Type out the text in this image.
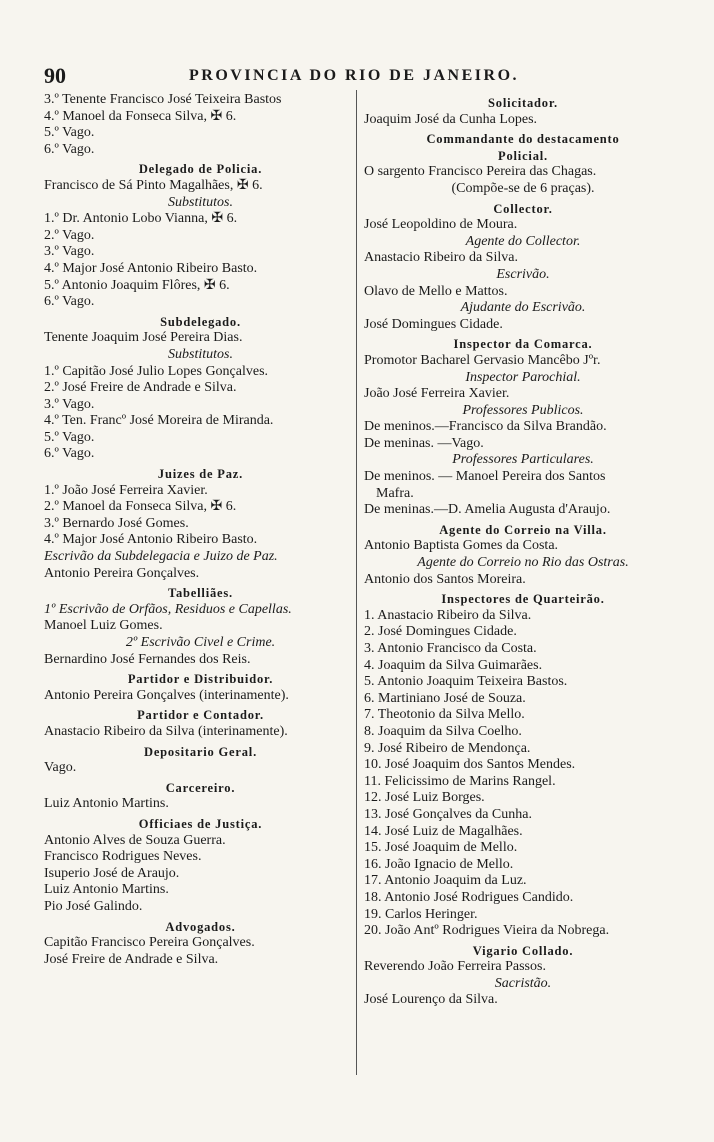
90	PROVINCIA DO RIO DE JANEIRO.
3.º Tenente Francisco José Teixeira Bastos
4.º Manoel da Fonseca Silva, ✠ 6.
5.º Vago.
6.º Vago.
Delegado de Policia.
Francisco de Sá Pinto Magalhães, ✠ 6.
Substitutos.
1.º Dr. Antonio Lobo Vianna, ✠ 6.
2.º Vago.
3.º Vago.
4.º Major José Antonio Ribeiro Basto.
5.º Antonio Joaquim Flôres, ✠ 6.
6.º Vago.
Subdelegado.
Tenente Joaquim José Pereira Dias.
Substitutos.
1.º Capitão José Julio Lopes Gonçalves.
2.º José Freire de Andrade e Silva.
3.º Vago.
4.º Ten. Francº José Moreira de Miranda.
5.º Vago.
6.º Vago.
Juizes de Paz.
1.º João José Ferreira Xavier.
2.º Manoel da Fonseca Silva, ✠ 6.
3.º Bernardo José Gomes.
4.º Major José Antonio Ribeiro Basto.
Escrivão da Subdelegacia e Juizo de Paz.
Antonio Pereira Gonçalves.
Tabelliães.
1º Escrivão de Orfãos, Residuos e Capellas.
Manoel Luiz Gomes.
2º Escrivão Civel e Crime.
Bernardino José Fernandes dos Reis.
Partidor e Distribuidor.
Antonio Pereira Gonçalves (interinamente).
Partidor e Contador.
Anastacio Ribeiro da Silva (interinamente).
Depositario Geral.
Vago.
Carcereiro.
Luiz Antonio Martins.
Officiaes de Justiça.
Antonio Alves de Souza Guerra.
Francisco Rodrigues Neves.
Isuperio José de Araujo.
Luiz Antonio Martins.
Pio José Galindo.
Advogados.
Capitão Francisco Pereira Gonçalves.
José Freire de Andrade e Silva.
Solicitador.
Joaquim José da Cunha Lopes.
Commandante do destacamento
Policial.
O sargento Francisco Pereira das Chagas.
(Compõe-se de 6 praças).
Collector.
José Leopoldino de Moura.
Agente do Collector.
Anastacio Ribeiro da Silva.
Escrivão.
Olavo de Mello e Mattos.
Ajudante do Escrivão.
José Domingues Cidade.
Inspector da Comarca.
Promotor Bacharel Gervasio Mancêbo Jºr.
Inspector Parochial.
João José Ferreira Xavier.
Professores Publicos.
De meninos.—Francisco da Silva Brandão.
De meninas. —Vago.
Professores Particulares.
De meninos. — Manoel Pereira dos Santos
Mafra.
De meninas.—D. Amelia Augusta d'Araujo.
Agente do Correio na Villa.
Antonio Baptista Gomes da Costa.
Agente do Correio no Rio das Ostras.
Antonio dos Santos Moreira.
Inspectores de Quarteirão.
1. Anastacio Ribeiro da Silva.
2. José Domingues Cidade.
3. Antonio Francisco da Costa.
4. Joaquim da Silva Guimarães.
5. Antonio Joaquim Teixeira Bastos.
6. Martiniano José de Souza.
7. Theotonio da Silva Mello.
8. Joaquim da Silva Coelho.
9. José Ribeiro de Mendonça.
10. José Joaquim dos Santos Mendes.
11. Felicissimo de Marins Rangel.
12. José Luiz Borges.
13. José Gonçalves da Cunha.
14. José Luiz de Magalhães.
15. José Joaquim de Mello.
16. João Ignacio de Mello.
17. Antonio Joaquim da Luz.
18. Antonio José Rodrigues Candido.
19. Carlos Heringer.
20. João Antº Rodrigues Vieira da Nobrega.
Vigario Collado.
Reverendo João Ferreira Passos.
Sacristão.
José Lourenço da Silva.
